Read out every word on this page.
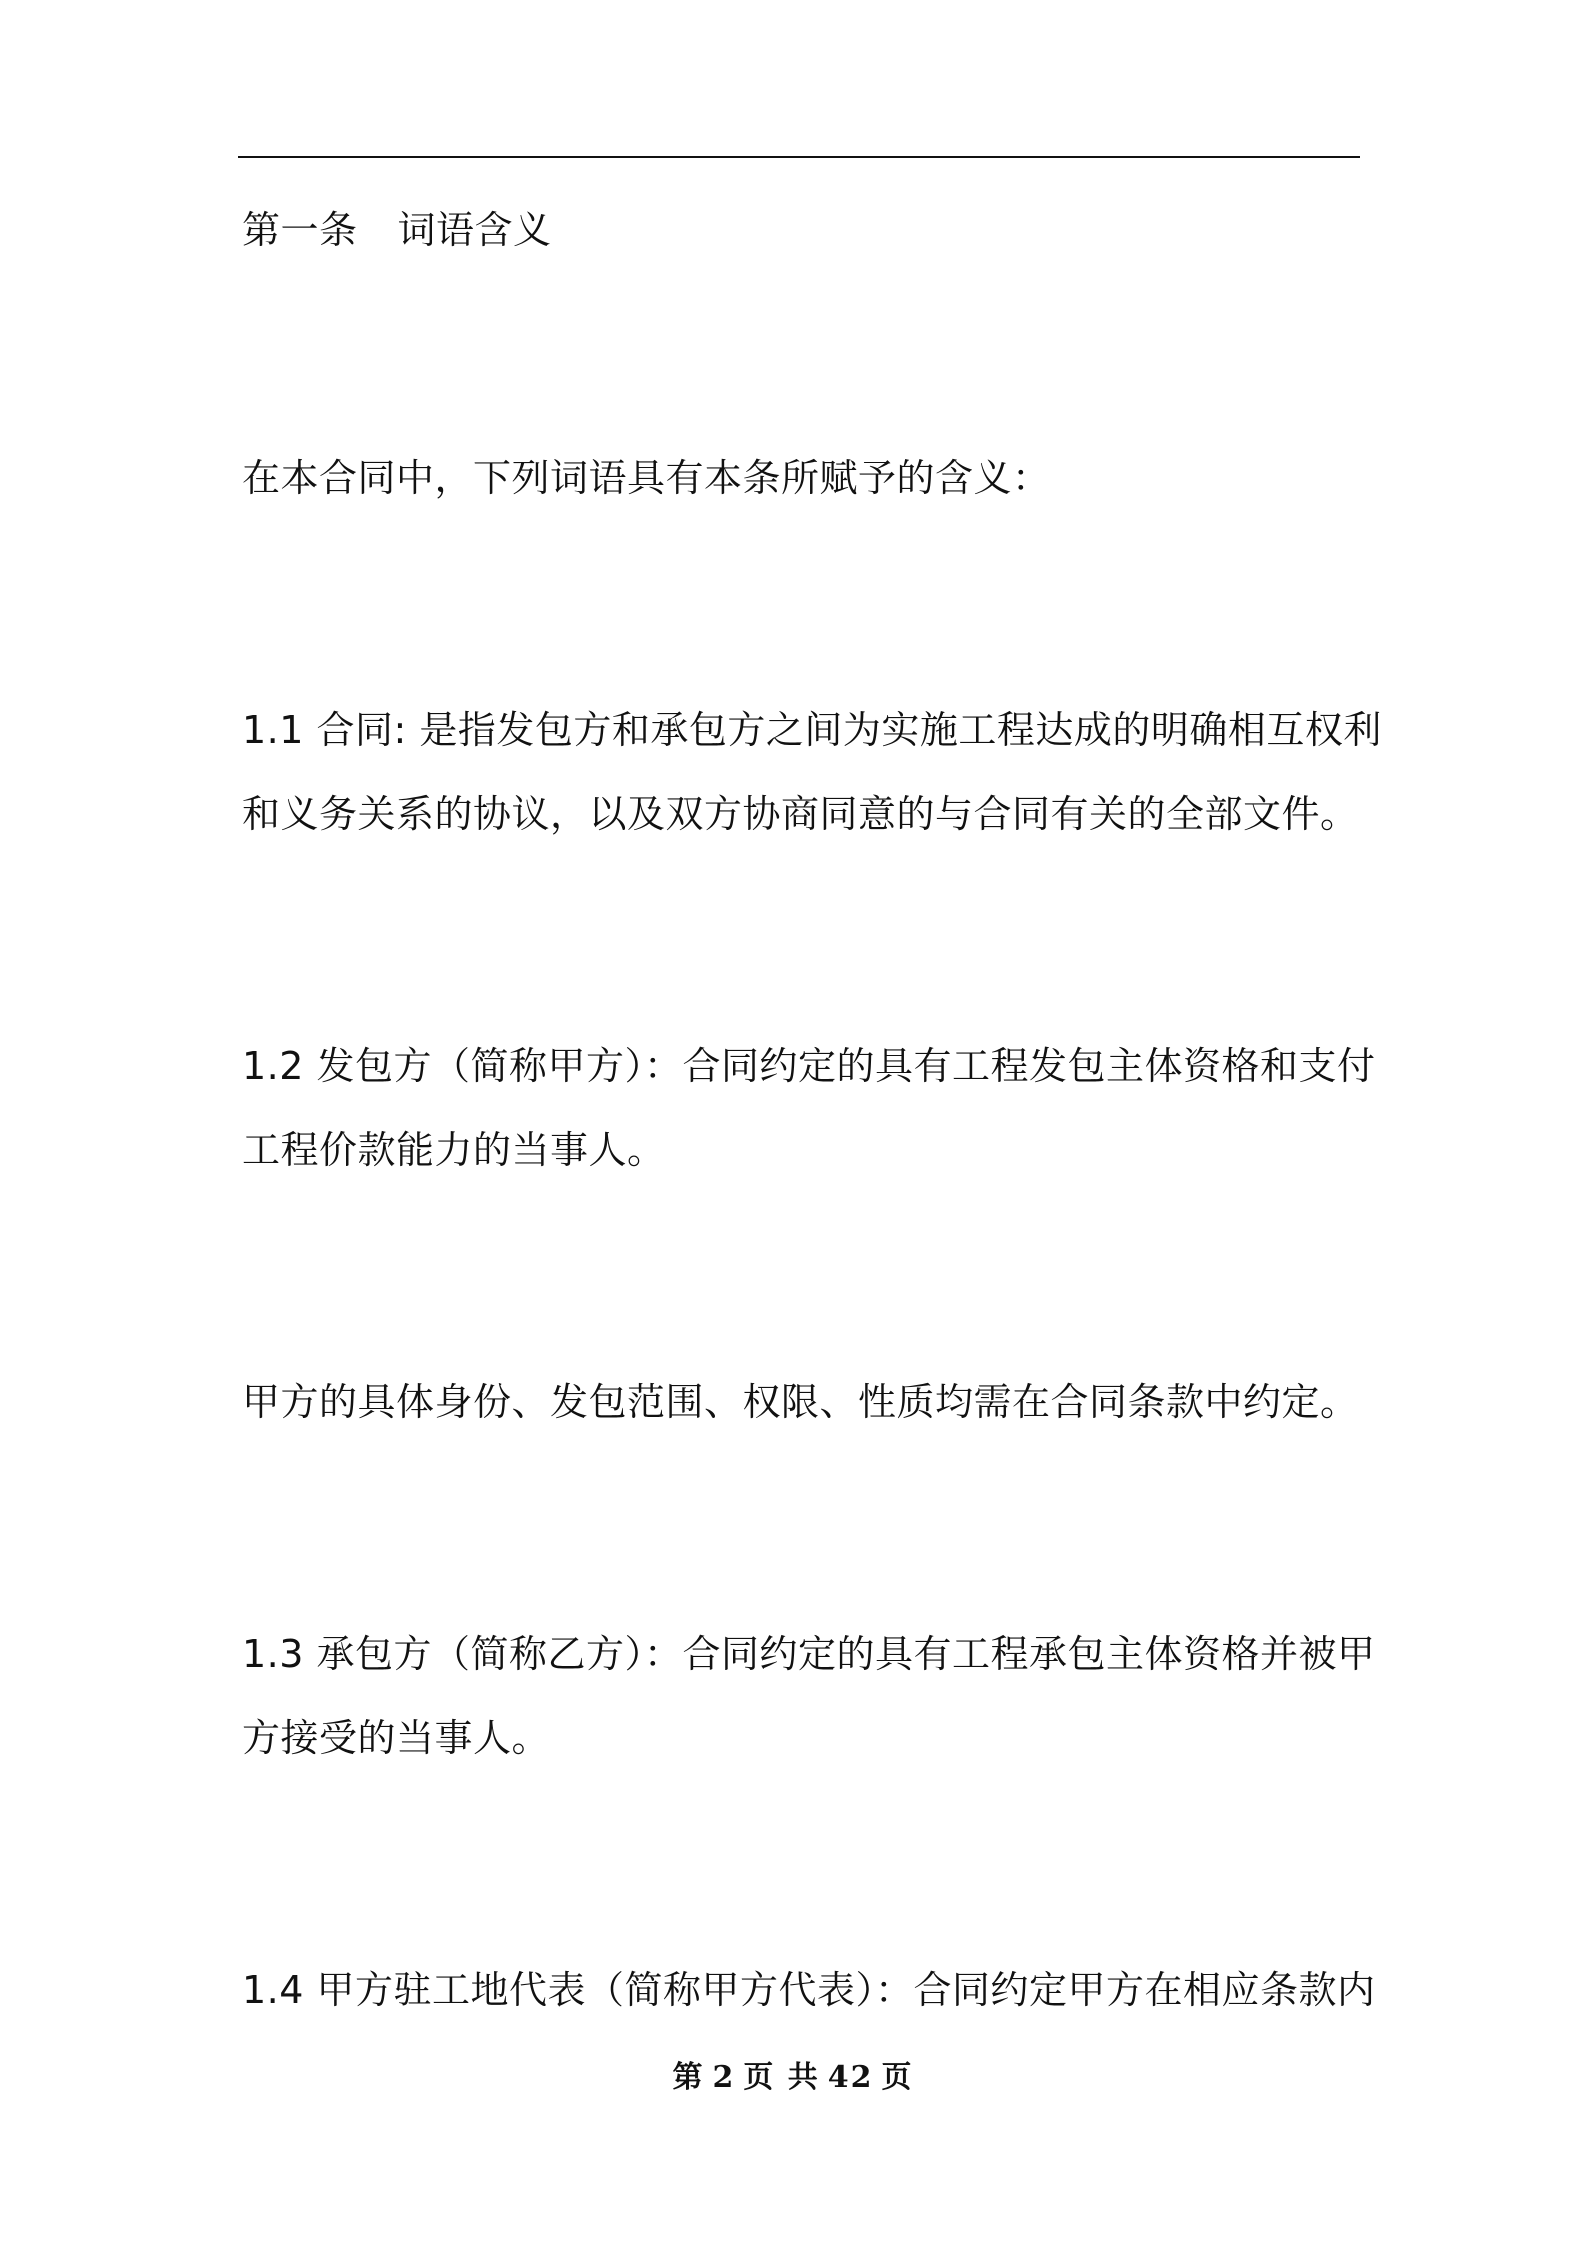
第一条 词语含义
在本合同中，下列词语具有本条所赋予的含义：
1.1 合同: 是指发包方和承包方之间为实施工程达成的明确相互权利
和义务关系的协议，以及双方协商同意的与合同有关的全部文件。
1.2 发包方（简称甲方）：合同约定的具有工程发包主体资格和支付
工程价款能力的当事人。
甲方的具体身份、发包范围、权限、性质均需在合同条款中约定。
1.3 承包方（简称乙方）：合同约定的具有工程承包主体资格并被甲
方接受的当事人。
1.4 甲方驻工地代表（简称甲方代表）：合同约定甲方在相应条款内
第 2 页 共 42 页
